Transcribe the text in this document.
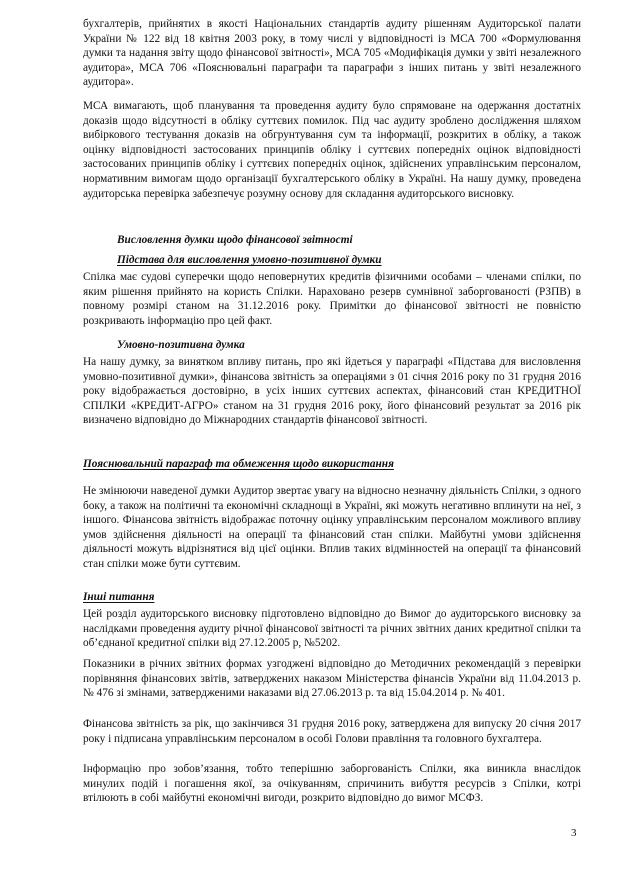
бухгалтерів, прийнятих в якості Національних стандартів аудиту рішенням Аудиторської палати України № 122 від 18 квітня 2003 року, в тому числі у відповідності із МСА 700 «Формулювання думки та надання звіту щодо фінансової звітності», МСА 705 «Модифікація думки у звіті незалежного аудитора», МСА 706 «Пояснювальні параграфи та параграфи з інших питань у звіті незалежного аудитора».

МСА вимагають, щоб планування та проведення аудиту було спрямоване на одержання достатніх доказів щодо відсутності в обліку суттєвих помилок. Під час аудиту зроблено дослідження шляхом вибіркового тестування доказів на обгрунтування сум та інформації, розкритих в обліку, а також оцінку відповідності застосованих принципів обліку і суттєвих попередніх оцінок відповідності застосованих принципів обліку і суттєвих попередніх оцінок, здійснених управлінським персоналом, нормативним вимогам щодо організації бухгалтерського обліку в Україні. На нашу думку, проведена аудиторська перевірка забезпечує розумну основу для складання аудиторського висновку.

Висловлення думки щодо фінансової звітності
Підстава для висловлення умовно-позитивної думки

Спілка має судові суперечки щодо неповернутих кредитів фізичними особами – членами спілки, по яким рішення прийнято на користь Спілки. Нараховано резерв сумнівної заборгованості (РЗПВ) в повному розмірі станом на 31.12.2016 року. Примітки до фінансової звітності не повністю розкривають інформацію про цей факт.

Умовно-позитивна думка

На нашу думку, за винятком впливу питань, про які йдеться у параграфі «Підстава для висловлення умовно-позитивної думки», фінансова звітність за операціями з 01 січня 2016 року по 31 грудня 2016 року відображається достовірно, в усіх інших суттєвих аспектах, фінансовий стан КРЕДИТНОЇ СПІЛКИ «КРЕДИТ-АГРО» станом на 31 грудня 2016 року, його фінансовий результат за 2016 рік визначено відповідно до Міжнародних стандартів фінансової звітності.

Пояснювальний параграф та обмеження щодо використання

Не змінюючи наведеної думки Аудитор звертає увагу на відносно незначну діяльність Спілки, з одного боку, а також на політичні та економічні складнощі в Україні, які можуть негативно вплинути на неї, з іншого. Фінансова звітність відображає поточну оцінку управлінським персоналом можливого впливу умов здійснення діяльності на операції та фінансовий стан спілки. Майбутні умови здійснення діяльності можуть відрізнятися від цієї оцінки. Вплив таких відмінностей на операції та фінансовий стан спілки може бути суттєвим.

Інші питання

Цей розділ аудиторського висновку підготовлено відповідно до Вимог до аудиторського висновку за наслідками проведення аудиту річної фінансової звітності та річних звітних даних кредитної спілки та об’єднаної кредитної спілки від 27.12.2005 р, №5202.

Показники в річних звітних формах узгоджені відповідно до Методичних рекомендацій з перевірки порівняння фінансових звітів, затверджених наказом Міністерства фінансів України від 11.04.2013 р. № 476 зі змінами, затвердженими наказами від 27.06.2013 р. та від 15.04.2014 р. № 401.

Фінансова звітність за рік, що закінчився 31 грудня 2016 року, затверджена для випуску 20 січня 2017 року і підписана управлінським персоналом в особі Голови правління та головного бухгалтера.

Інформацію про зобов’язання, тобто теперішню заборгованість Спілки, яка виникла внаслідок минулих подій і погашення якої, за очікуванням, спричинить вибуття ресурсів з Спілки, котрі втілюють в собі майбутні економічні вигоди, розкрито відповідно до вимог МСФЗ.

3
